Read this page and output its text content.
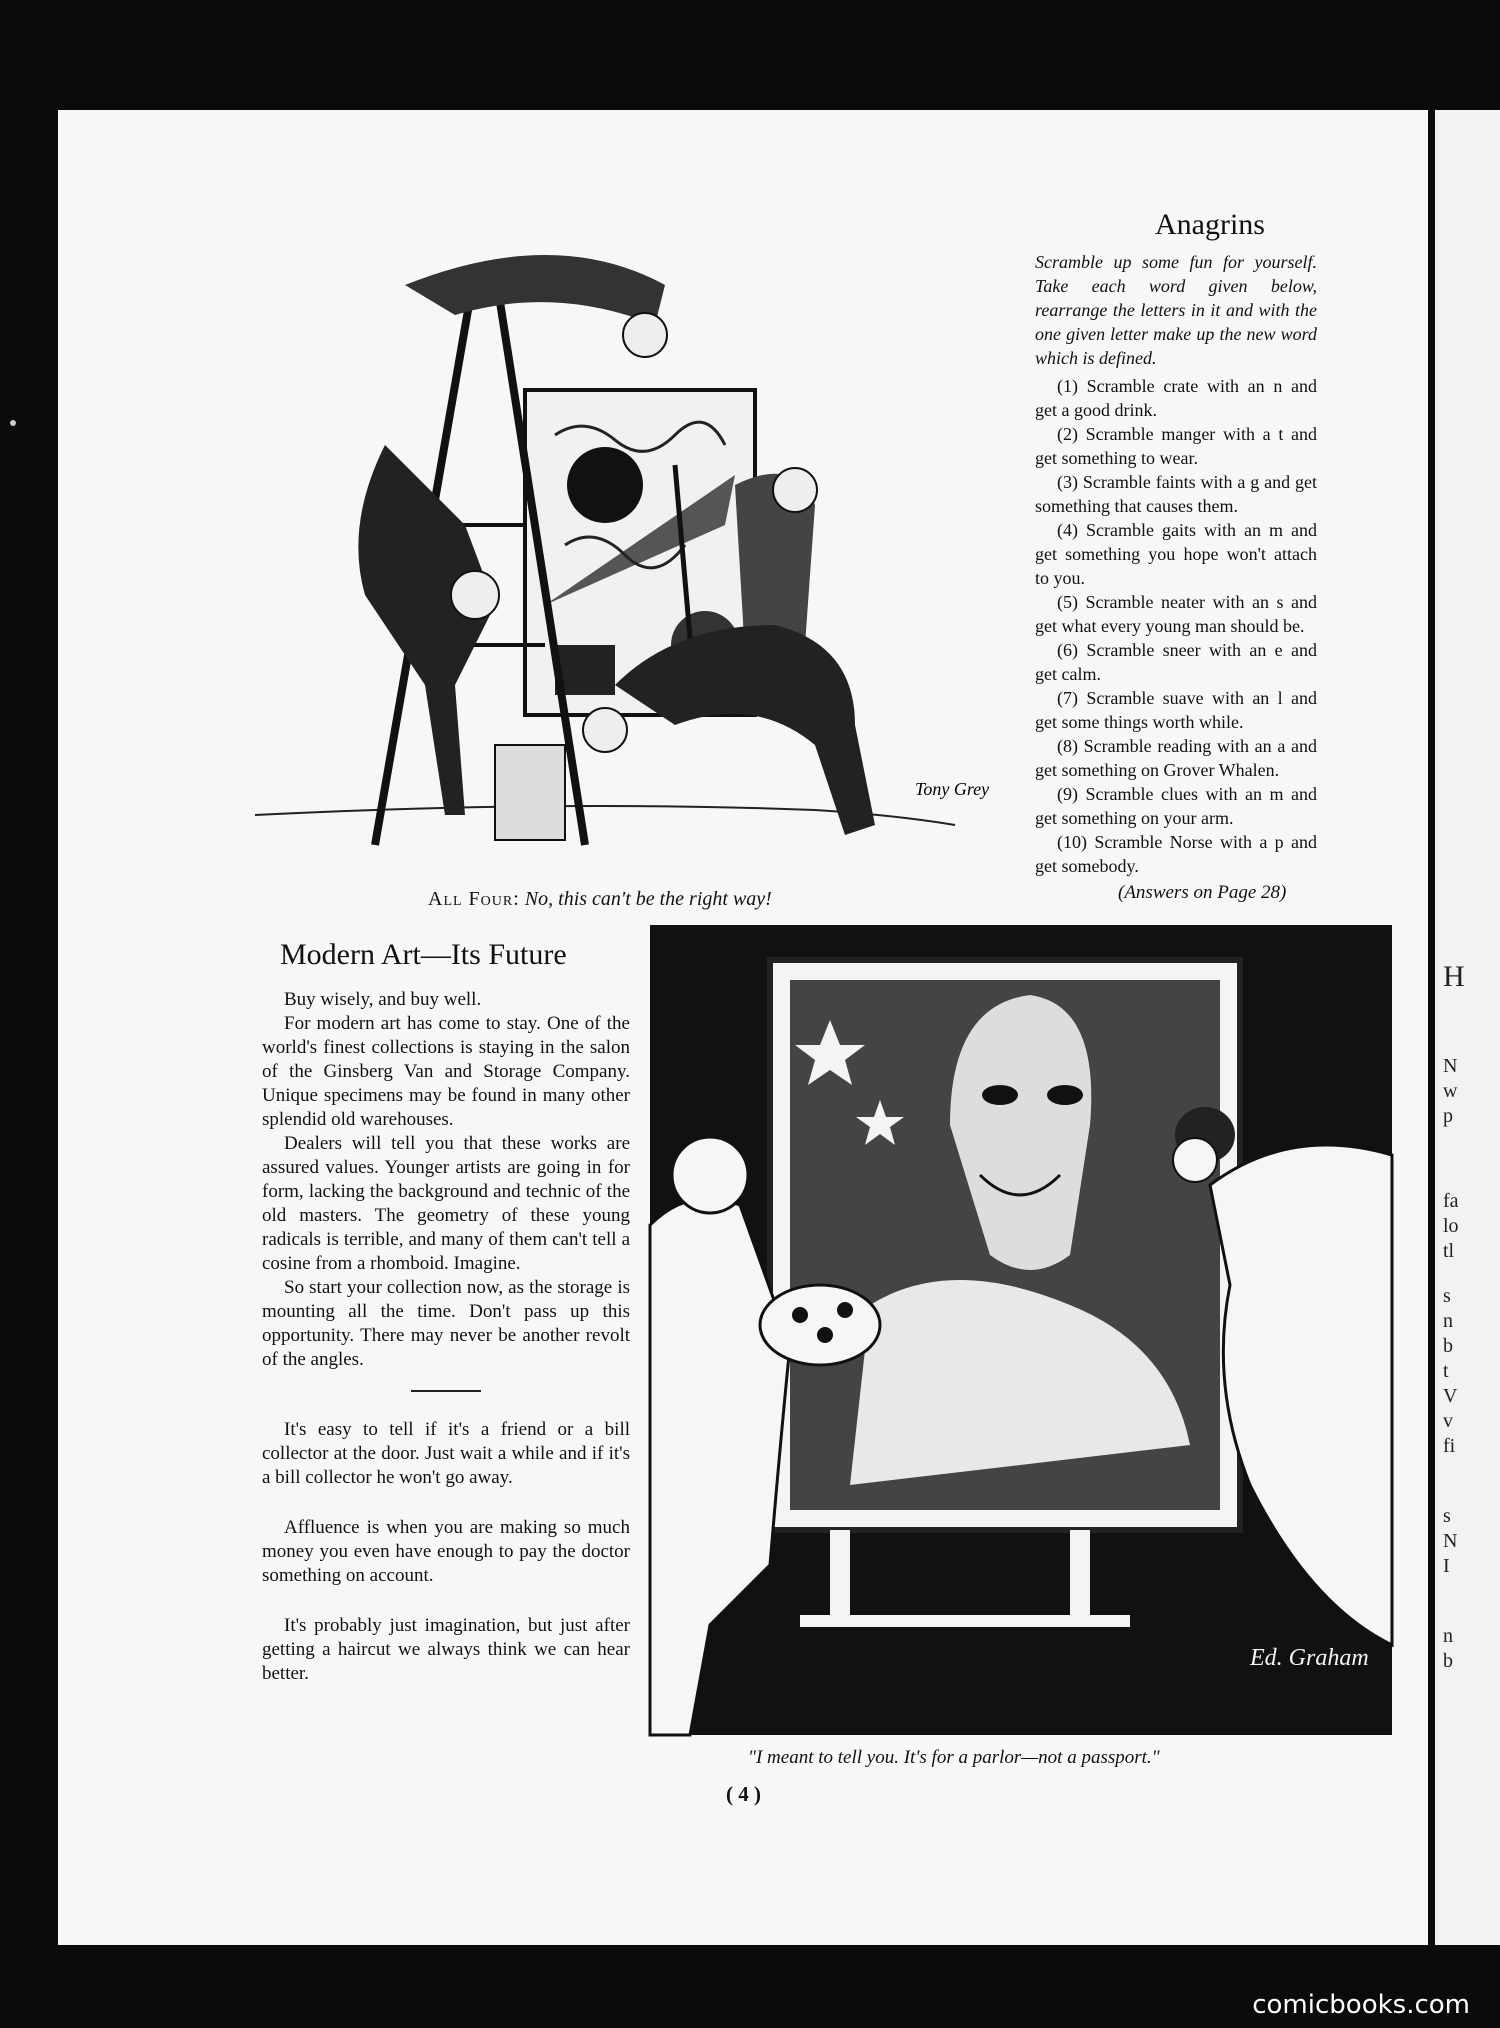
H
N
w
p
fa
lo
tl
s
n
b
t
V
v
fi
s
N
I
n
b
Tony Grey
All Four: No, this can't be the right way!
Anagrins
Scramble up some fun for yourself. Take each word given below, rearrange the letters in it and with the one given letter make up the new word which is defined.

(1) Scramble crate with an n and get a good drink.

(2) Scramble manger with a t and get something to wear.

(3) Scramble faints with a g and get something that causes them.

(4) Scramble gaits with an m and get something you hope won't attach to you.

(5) Scramble neater with an s and get what every young man should be.

(6) Scramble sneer with an e and get calm.

(7) Scramble suave with an l and get some things worth while.

(8) Scramble reading with an a and get something on Grover Whalen.

(9) Scramble clues with an m and get something on your arm.

(10) Scramble Norse with a p and get somebody.

(Answers on Page 28)
Modern Art—Its Future

Buy wisely, and buy well.

For modern art has come to stay. One of the world's finest collections is staying in the salon of the Ginsberg Van and Storage Company. Unique specimens may be found in many other splendid old warehouses.

Dealers will tell you that these works are assured values. Younger artists are going in for form, lacking the background and technic of the old masters. The geometry of these young radicals is terrible, and many of them can't tell a cosine from a rhomboid. Imagine.

So start your collection now, as the storage is mounting all the time. Don't pass up this opportunity. There may never be another revolt of the angles.

It's easy to tell if it's a friend or a bill collector at the door. Just wait a while and if it's a bill collector he won't go away.

Affluence is when you are making so much money you even have enough to pay the doctor something on account.

It's probably just imagination, but just after getting a haircut we always think we can hear better.

Ed. Graham
"I meant to tell you. It's for a parlor—not a passport."
( 4 )
comicbooks.com
